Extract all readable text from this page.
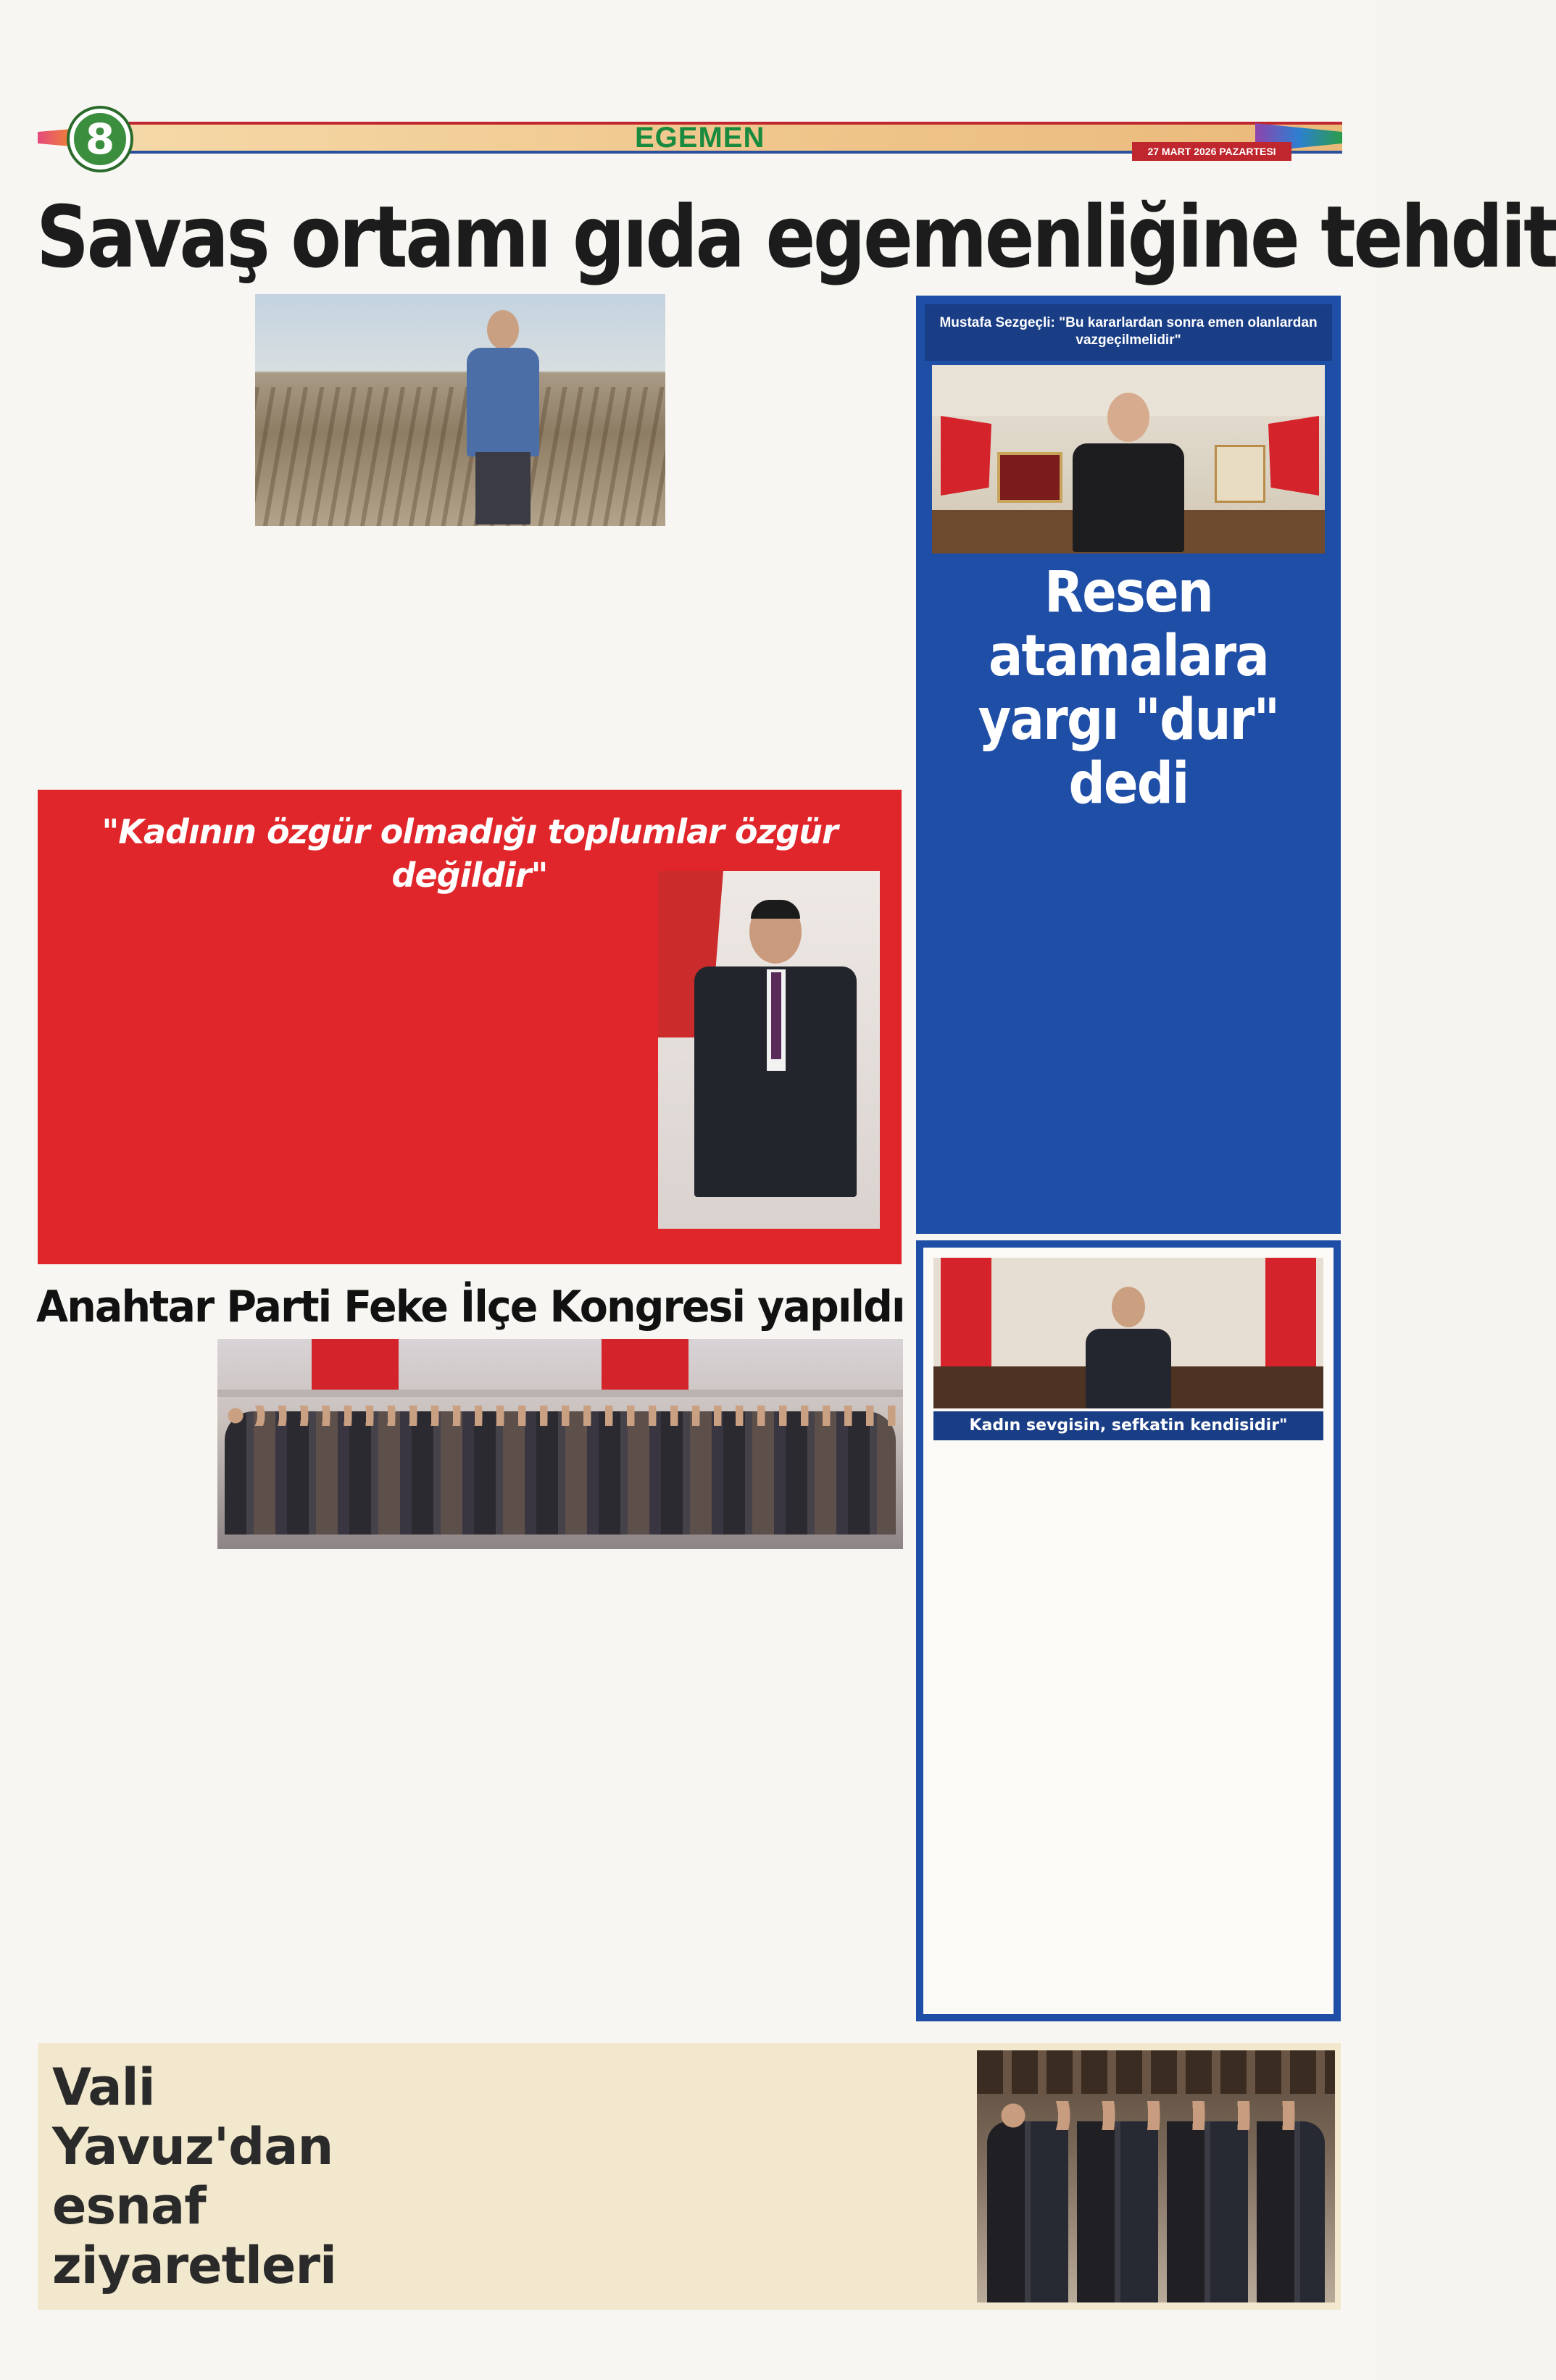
8	EGEMEN	27 MART 2026 PAZARTESI
Savaş ortamı gıda egemenliğine tehdit
Mustafa Sezgeçli: "Bu kararlardan sonra emen olanlardan vazgeçilmelidir"
Resen atamalara yargı "dur" dedi
"Kadının özgür olmadığı toplumlar özgür değildir"
Anahtar Parti Feke İlçe Kongresi yapıldı
Kadın sevgisin, sefkatin kendisidir"
Vali
Yavuz'dan
esnaf
ziyaretleri
